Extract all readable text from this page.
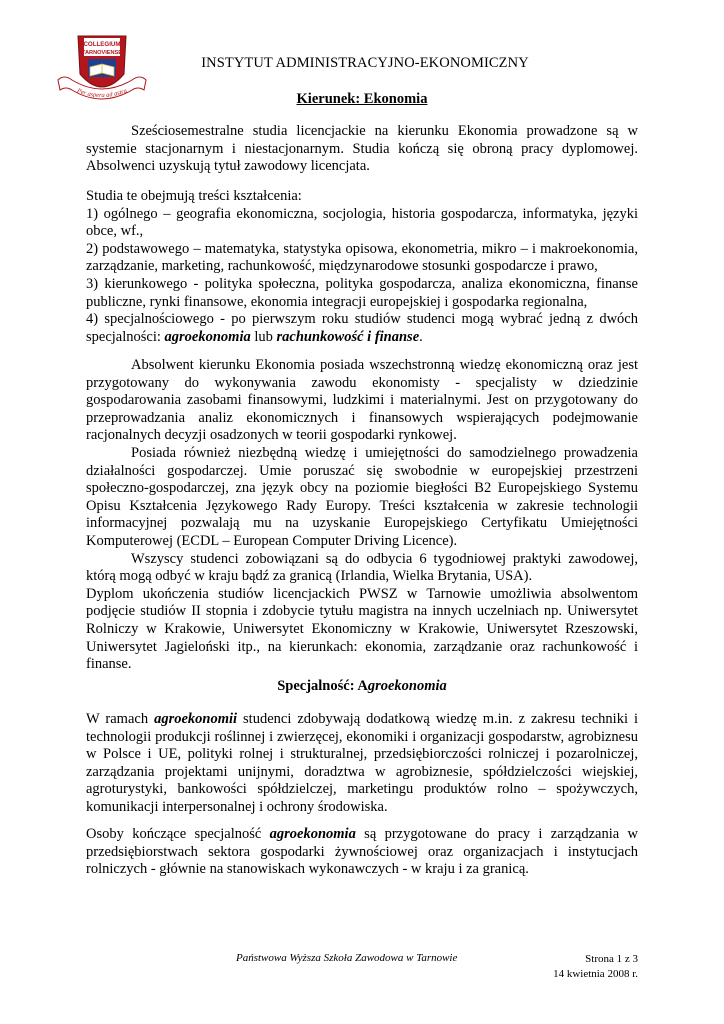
COLLEGIUM
TARNOVIENSE
Per aspera ad astra
INSTYTUT ADMINISTRACYJNO-EKONOMICZNY
Kierunek: Ekonomia
Sześciosemestralne studia licencjackie na kierunku Ekonomia prowadzone są w systemie stacjonarnym i niestacjonarnym. Studia kończą się obroną pracy dyplomowej. Absolwenci uzyskują tytuł zawodowy licencjata.

Studia te obejmują treści kształcenia:

1) ogólnego – geografia ekonomiczna, socjologia, historia gospodarcza, informatyka, języki obce, wf.,

2) podstawowego – matematyka, statystyka opisowa, ekonometria, mikro – i makroekonomia, zarządzanie, marketing, rachunkowość, międzynarodowe stosunki gospodarcze i prawo,

3) kierunkowego - polityka społeczna, polityka gospodarcza, analiza ekonomiczna, finanse publiczne, rynki finansowe, ekonomia integracji europejskiej i gospodarka regionalna,

4) specjalnościowego - po pierwszym roku studiów studenci mogą wybrać jedną z dwóch specjalności: agroekonomia lub rachunkowość i finanse.

Absolwent kierunku Ekonomia posiada wszechstronną wiedzę ekonomiczną oraz jest przygotowany do wykonywania zawodu ekonomisty - specjalisty w dziedzinie gospodarowania zasobami finansowymi, ludzkimi i materialnymi. Jest on przygotowany do przeprowadzania analiz ekonomicznych i finansowych wspierających podejmowanie racjonalnych decyzji osadzonych w teorii gospodarki rynkowej.

Posiada również niezbędną wiedzę i umiejętności do samodzielnego prowadzenia działalności gospodarczej. Umie poruszać się swobodnie w europejskiej przestrzeni społeczno-gospodarczej, zna język obcy na poziomie biegłości B2 Europejskiego Systemu Opisu Kształcenia Językowego Rady Europy. Treści kształcenia w zakresie technologii informacyjnej pozwalają mu na uzyskanie Europejskiego Certyfikatu Umiejętności Komputerowej (ECDL – European Computer Driving Licence).

Wszyscy studenci zobowiązani są do odbycia 6 tygodniowej praktyki zawodowej, którą mogą odbyć w kraju bądź za granicą (Irlandia, Wielka Brytania, USA).

Dyplom ukończenia studiów licencjackich PWSZ w Tarnowie umożliwia absolwentom podjęcie studiów II stopnia i zdobycie tytułu magistra na innych uczelniach np. Uniwersytet Rolniczy w Krakowie, Uniwersytet Ekonomiczny w Krakowie, Uniwersytet Rzeszowski, Uniwersytet Jagieloński itp., na kierunkach: ekonomia, zarządzanie oraz rachunkowość i finanse.

Specjalność: Agroekonomia
W ramach agroekonomii studenci zdobywają dodatkową wiedzę m.in. z zakresu techniki i technologii produkcji roślinnej i zwierzęcej, ekonomiki i organizacji gospodarstw, agrobiznesu w Polsce i UE, polityki rolnej i strukturalnej, przedsiębiorczości rolniczej i pozarolniczej, zarządzania projektami unijnymi, doradztwa w agrobiznesie, spółdzielczości wiejskiej, agroturystyki, bankowości spółdzielczej, marketingu produktów rolno – spożywczych, komunikacji interpersonalnej i ochrony środowiska.
Osoby kończące specjalność agroekonomia są przygotowane do pracy i zarządzania w przedsiębiorstwach sektora gospodarki żywnościowej oraz organizacjach i instytucjach rolniczych - głównie na stanowiskach wykonawczych - w kraju i za granicą.
Państwowa Wyższa Szkoła Zawodowa w Tarnowie	Strona 1 z 3
14 kwietnia 2008 r.
